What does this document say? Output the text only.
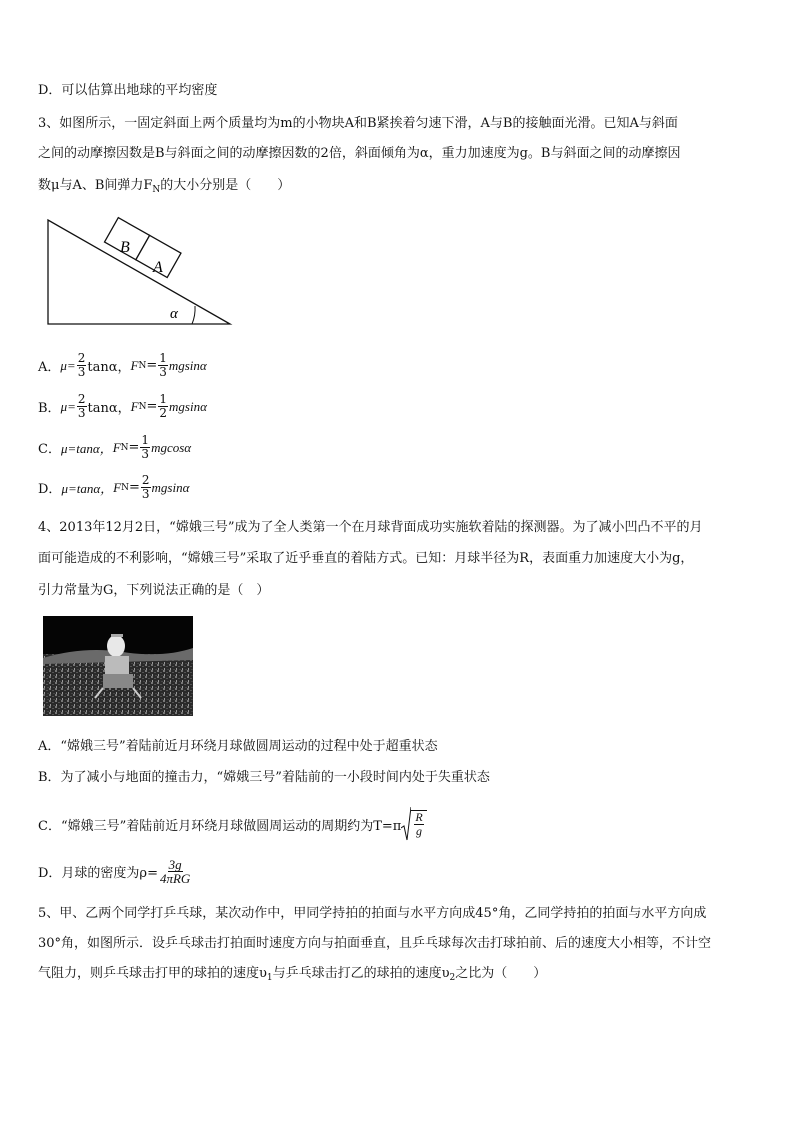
D．可以估算出地球的平均密度
3、如图所示，一固定斜面上两个质量均为m的小物块A和B紧挨着匀速下滑，A与B的接触面光滑。已知A与斜面
之间的动摩擦因数是B与斜面之间的动摩擦因数的2倍，斜面倾角为α，重力加速度为g。B与斜面之间的动摩擦因
数μ与A、B间弹力$F_N$的大小分别是（　　）
B
A
α
A． $\mu= \frac{2}{3}$ tanα， F $N = \frac{1}{3}$ mgsinα
B． $\mu= \frac{2}{3}$ tanα， F $N = \frac{1}{2}$ mgsinα
C． μ=tanα， F $N = \frac{1}{3}$ mgcosα
D． μ=tanα， F $N = \frac{2}{3}$ mgsinα
4、2013年12月2日，“嫦娥三号”成为了全人类第一个在月球背面成功实施软着陆的探测器。为了减小凹凸不平的月
面可能造成的不利影响，“嫦娥三号”采取了近乎垂直的着陆方式。已知：月球半径为R，表面重力加速度大小为g，
引力常量为G，下列说法正确的是（　）
A．“嫦娥三号”着陆前近月环绕月球做圆周运动的过程中处于超重状态
B．为了减小与地面的撞击力，“嫦娥三号”着陆前的一小段时间内处于失重状态
C．“嫦娥三号”着陆前近月环绕月球做圆周运动的周期约为$T=\pi \frac{R}{g}$
D．月球的密度为$\rho= \frac{3g}{\text{4πRG}}$
5、甲、乙两个同学打乒乓球，某次动作中，甲同学持拍的拍面与水平方向成45°角，乙同学持拍的拍面与水平方向成
30°角，如图所示．设乒乓球击打拍面时速度方向与拍面垂直，且乒乓球每次击打球拍前、后的速度大小相等，不计空
气阻力，则乒乓球击打甲的球拍的速度$\upsilon_1$与乒乓球击打乙的球拍的速度$\upsilon_2$之比为（　　）
